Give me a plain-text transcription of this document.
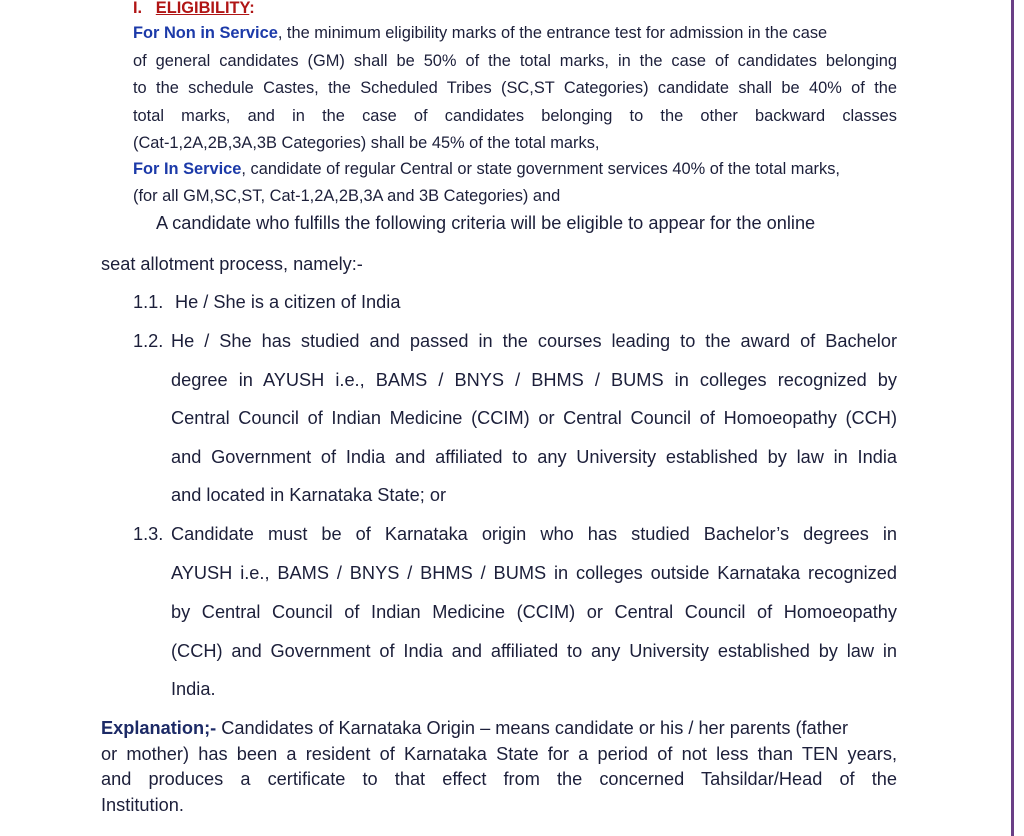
I. ELIGIBILITY:
For Non in Service, the minimum eligibility marks of the entrance test for admission in the case
of general candidates (GM) shall be 50% of the total marks, in the case of candidates belonging
to the schedule Castes, the Scheduled Tribes (SC,ST Categories) candidate shall be 40% of the
total marks, and in the case of candidates belonging to the other backward classes
(Cat-1,2A,2B,3A,3B Categories) shall be 45% of the total marks,
For In Service, candidate of regular Central or state government services 40% of the total marks,
(for all GM,SC,ST, Cat-1,2A,2B,3A and 3B Categories) and
A candidate who fulfills the following criteria will be eligible to appear for the online
seat allotment process, namely:-
1.1. He / She is a citizen of India
1.2. He / She has studied and passed in the courses leading to the award of Bachelor
degree in AYUSH i.e., BAMS / BNYS / BHMS / BUMS in colleges recognized by
Central Council of Indian Medicine (CCIM) or Central Council of Homoeopathy (CCH)
and Government of India and affiliated to any University established by law in India
and located in Karnataka State; or
1.3. Candidate must be of Karnataka origin who has studied Bachelor’s degrees in
AYUSH i.e., BAMS / BNYS / BHMS / BUMS in colleges outside Karnataka recognized
by Central Council of Indian Medicine (CCIM) or Central Council of Homoeopathy
(CCH) and Government of India and affiliated to any University established by law in
India.
Explanation;- Candidates of Karnataka Origin – means candidate or his / her parents (father
or mother) has been a resident of Karnataka State for a period of not less than TEN years,
and produces a certificate to that effect from the concerned Tahsildar/Head of the
Institution.
